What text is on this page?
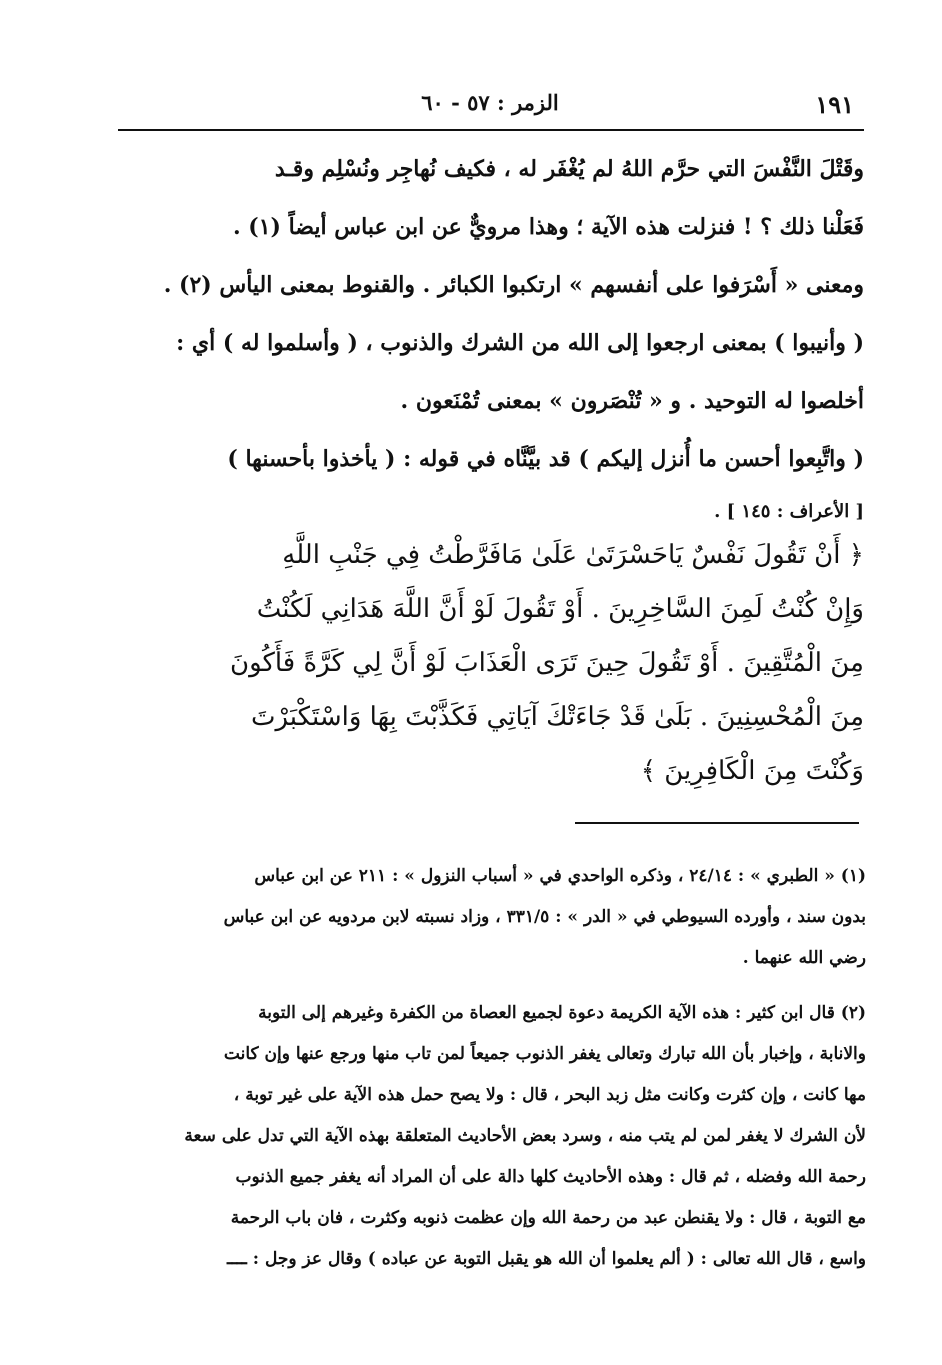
١٩١
الزمر : ٥٧ - ٦٠
وقَتْلَ النَّفْسَ التي حرَّم اللهُ لم يُغْفَر له ، فكيف نُهاجِر ونُسْلِم وقـد
فَعَلْنا ذلك ؟ ! فنزلت هذه الآية ؛ وهذا مرويٌّ عن ابن عباس أيضاً (١) .
ومعنى « أَسْرَفوا على أنفسهم » ارتكبوا الكبائر . والقنوط بمعنى اليأس (٢) .
( وأنيبوا ) بمعنى ارجعوا إلى الله من الشرك والذنوب ، ( وأسلموا له ) أي :
أخلصوا له التوحيد . و « تُنْصَرون » بمعنى تُمْنَعون .
( واتَّبِعوا أحسن ما أُنزل إليكم ) قد بيَّنَّاه في قوله : ( يأخذوا بأحسنها )
[ الأعراف : ١٤٥ ] .
﴿ أَنْ تَقُولَ نَفْسٌ يَاحَسْرَتَىٰ عَلَىٰ مَافَرَّطْتُ فِي جَنْبِ اللَّهِ
وَإِنْ كُنْتُ لَمِنَ السَّاخِرِينَ . أَوْ تَقُولَ لَوْ أَنَّ اللَّهَ هَدَانِي لَكُنْتُ
مِنَ الْمُتَّقِينَ . أَوْ تَقُولَ حِينَ تَرَى الْعَذَابَ لَوْ أَنَّ لِي كَرَّةً فَأَكُونَ
مِنَ الْمُحْسِنِينَ . بَلَىٰ قَدْ جَاءَتْكَ آيَاتِي فَكَذَّبْتَ بِهَا وَاسْتَكْبَرْتَ
وَكُنْتَ مِنَ الْكَافِرِينَ ﴾
(١) « الطبري » : ٢٤/١٤ ، وذكره الواحدي في « أسباب النزول » : ٢١١ عن ابن عباس
بدون سند ، وأورده السيوطي في « الدر » : ٣٣١/٥ ، وزاد نسبته لابن مردويه عن ابن عباس
رضي الله عنهما .
(٢) قال ابن كثير : هذه الآية الكريمة دعوة لجميع العصاة من الكفرة وغيرهم إلى التوبة
والانابة ، وإخبار بأن الله تبارك وتعالى يغفر الذنوب جميعاً لمن تاب منها ورجع عنها وإن كانت
مها كانت ، وإن كثرت وكانت مثل زبد البحر ، قال : ولا يصح حمل هذه الآية على غير توبة ،
لأن الشرك لا يغفر لمن لم يتب منه ، وسرد بعض الأحاديث المتعلقة بهذه الآية التي تدل على سعة
رحمة الله وفضله ، ثم قال : وهذه الأحاديث كلها دالة على أن المراد أنه يغفر جميع الذنوب
مع التوبة ، قال : ولا يقنطن عبد من رحمة الله وإن عظمت ذنوبه وكثرت ، فان باب الرحمة
واسع ، قال الله تعالى : ( ألم يعلموا أن الله هو يقبل التوبة عن عباده ) وقال عز وجل : ــــ
